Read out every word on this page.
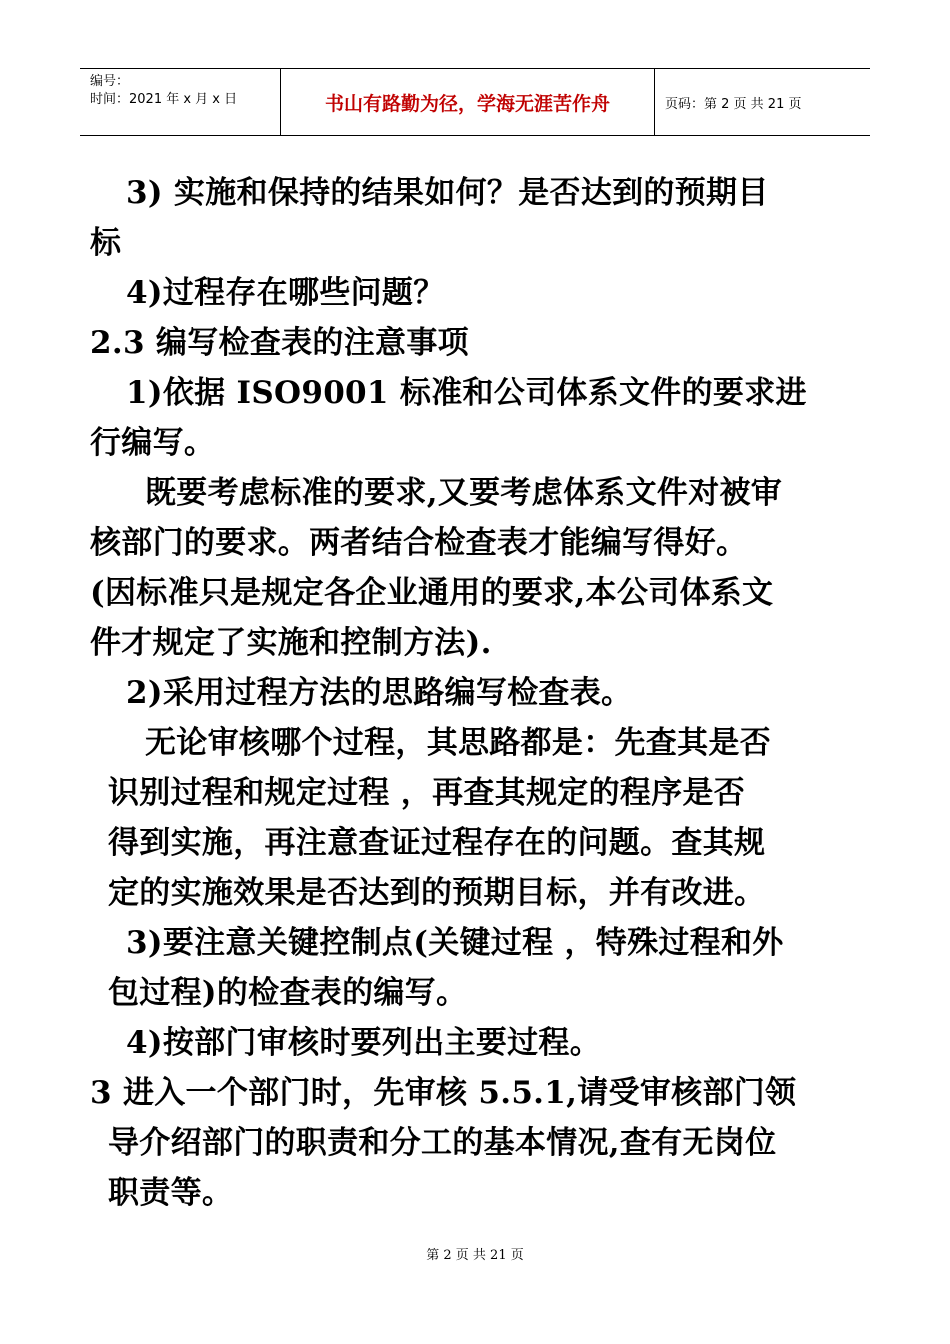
编号：
时间：2021 年 x 月 x 日	书山有路勤为径，学海无涯苦作舟	页码：第 2 页 共 21 页
3) 实施和保持的结果如何？是否达到的预期目
标
4)过程存在哪些问题？
2.3 编写检查表的注意事项
1)依据 ISO9001 标准和公司体系文件的要求进
行编写。
既要考虑标准的要求,又要考虑体系文件对被审
核部门的要求。两者结合检查表才能编写得好。
(因标准只是规定各企业通用的要求,本公司体系文
件才规定了实施和控制方法).
2)采用过程方法的思路编写检查表。
无论审核哪个过程，其思路都是：先查其是否
识别过程和规定过程 ，再查其规定的程序是否
得到实施，再注意查证过程存在的问题。查其规
定的实施效果是否达到的预期目标，并有改进。
3)要注意关键控制点(关键过程 ，特殊过程和外
包过程)的检查表的编写。
4)按部门审核时要列出主要过程。
3 进入一个部门时，先审核 5.5.1,请受审核部门领
导介绍部门的职责和分工的基本情况,查有无岗位
职责等。
第 2 页 共 21 页
